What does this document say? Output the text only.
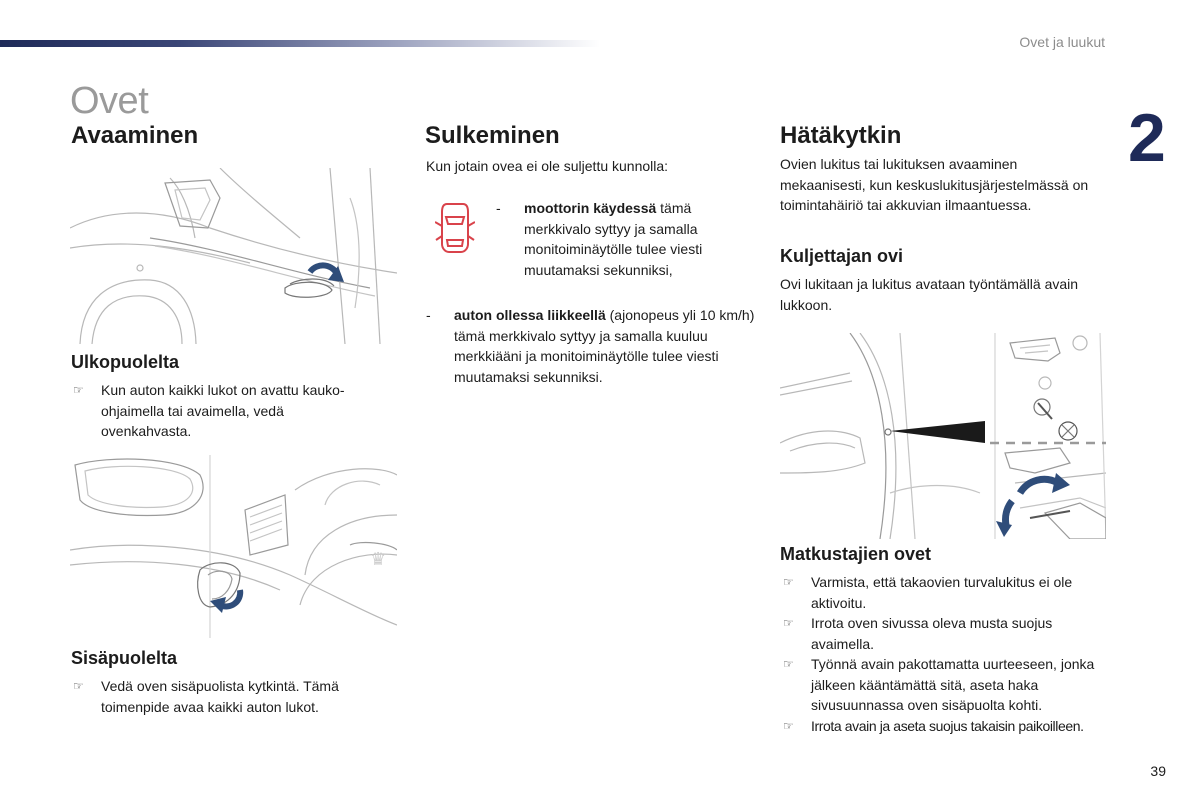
Ovet ja luukut
2
Ovet
Avaaminen
Ulkopuolelta
☞ Kun auton kaikki lukot on avattu kauko-ohjaimella tai avaimella, vedä ovenkahvasta.
♛
Sisäpuolelta
☞ Vedä oven sisäpuolista kytkintä. Tämä toimenpide avaa kaikki auton lukot.
Sulkeminen

Kun jotain ovea ei ole suljettu kunnolla:

-	moottorin käydessä tämä merkkivalo syttyy ja samalla monitoiminäytölle tulee viesti muutamaksi sekunniksi,
-	auton ollessa liikkeellä (ajonopeus yli 10 km/h) tämä merkkivalo syttyy ja samalla kuuluu merkkiääni ja monitoiminäytölle tulee viesti muutamaksi sekunniksi.
Hätäkytkin

Ovien lukitus tai lukituksen avaaminen mekaanisesti, kun keskuslukitusjärjestelmässä on toimintahäiriö tai akkuvian ilmaantuessa.

Kuljettajan ovi

Ovi lukitaan ja lukitus avataan työntämällä avain lukkoon.

Matkustajien ovet
☞ Varmista, että takaovien turvalukitus ei ole aktivoitu.
☞ Irrota oven sivussa oleva musta suojus avaimella.
☞ Työnnä avain pakottamatta uurteeseen, jonka jälkeen kääntämättä sitä, aseta haka sivusuunnassa oven sisäpuolta kohti.
☞ Irrota avain ja aseta suojus takaisin paikoilleen.
39
